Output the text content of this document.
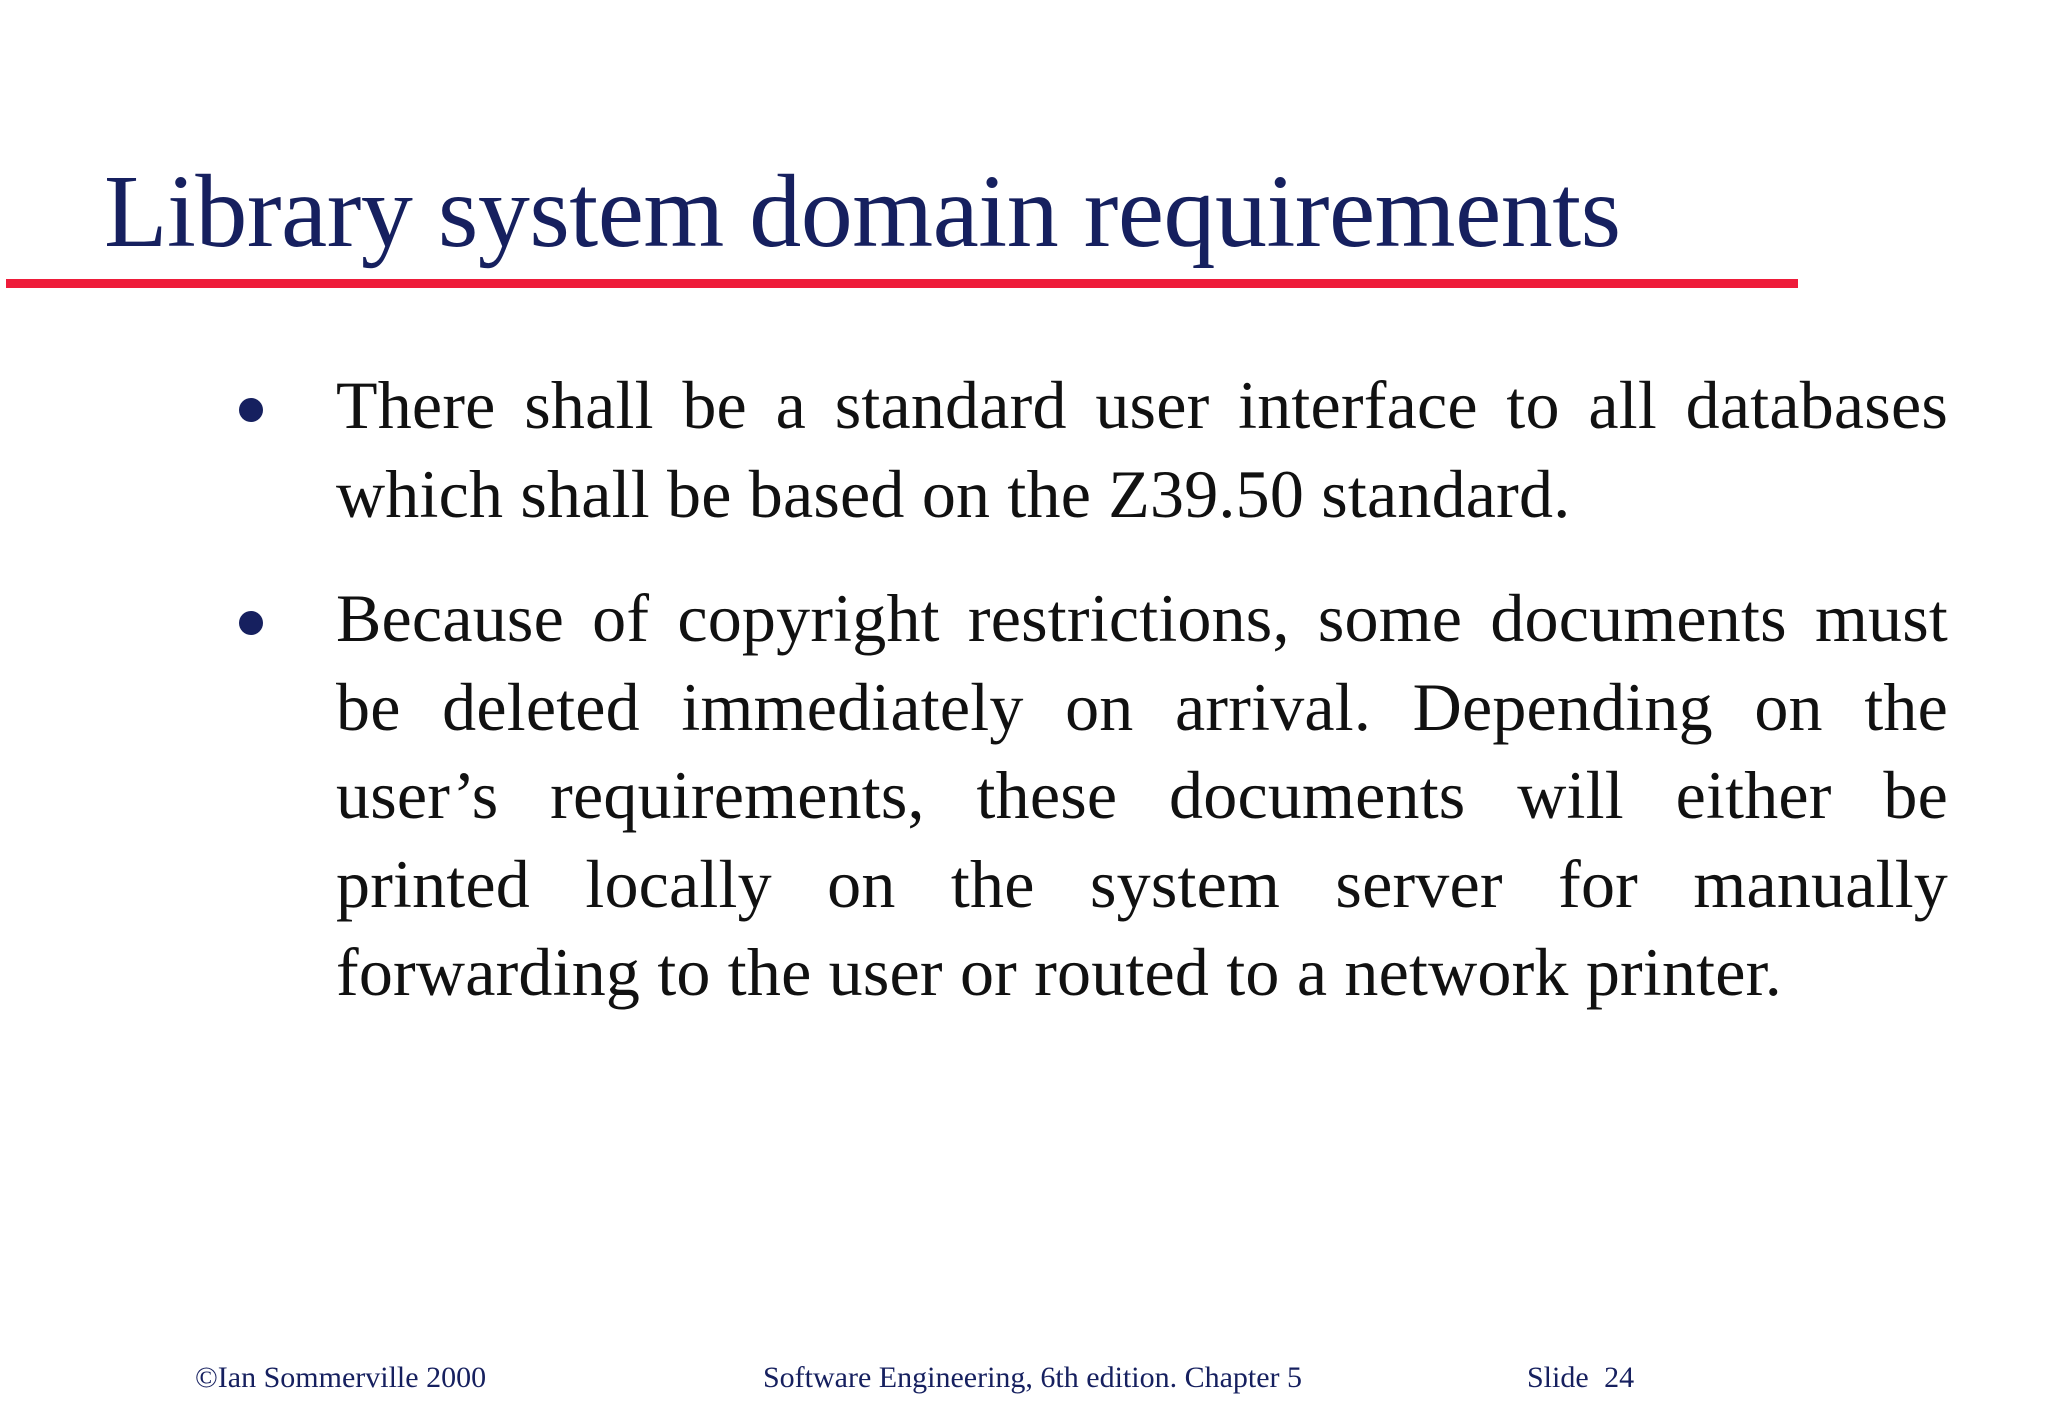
Library system domain requirements
There shall be a standard user interface to all databases which shall be based on the Z39.50 standard.
Because of copyright restrictions, some documents must be deleted immediately on arrival. Depending on the user’s requirements, these documents will either be printed locally on the system server for manually forwarding to the user or routed to a network printer.
©Ian Sommerville 2000	Software Engineering, 6th edition. Chapter 5	Slide 24
